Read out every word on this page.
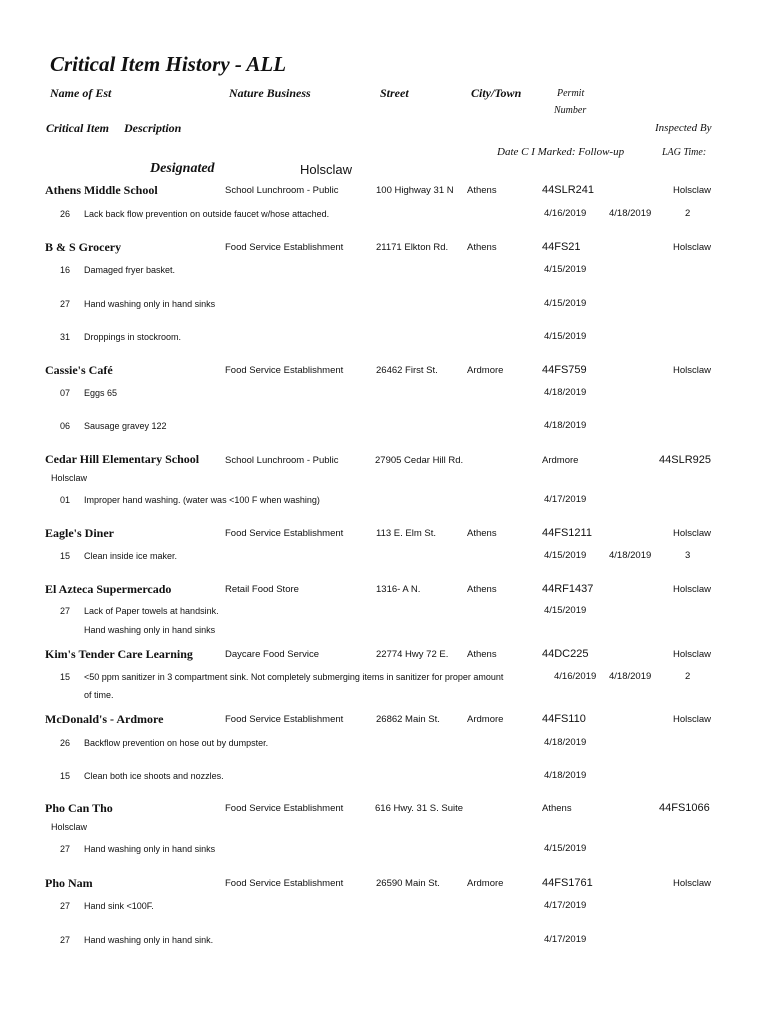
Critical Item History - ALL
Name of Est	Nature Business	Street	City/Town	Permit
Number
Critical Item Description	Inspected By
Date C I Marked: Follow-up	LAG Time:
Designated	Holsclaw
Athens Middle School	School Lunchroom - Public	100 Highway 31 N Athens	44SLR241	Holsclaw
26 Lack back flow prevention on outside faucet w/hose attached.	4/16/2019 4/18/2019	2
B & S Grocery	Food Service Establishment	21171 Elkton Rd. Athens	44FS21	Holsclaw
16 Damaged fryer basket.	4/15/2019
27 Hand washing only in hand sinks	4/15/2019
31 Droppings in stockroom.	4/15/2019
Cassie's Café	Food Service Establishment	26462 First St.	Ardmore	44FS759	Holsclaw
07 Eggs 65	4/18/2019
06 Sausage gravey 122	4/18/2019
Cedar Hill Elementary School	School Lunchroom - Public	27905 Cedar Hill Rd.	Ardmore	44SLR925
Holsclaw
01 Improper hand washing. (water was <100 F when washing)	4/17/2019
Eagle's Diner	Food Service Establishment	113 E. Elm St.	Athens	44FS1211	Holsclaw
15 Clean inside ice maker.	4/15/2019 4/18/2019	3
El Azteca Supermercado	Retail Food Store	1316- A N.	Athens	44RF1437	Holsclaw
27 Lack of Paper towels at handsink.
Hand washing only in hand sinks
4/15/2019
Kim's Tender Care Learning	Daycare Food Service	22774 Hwy 72 E. Athens	44DC225	Holsclaw
15 <50 ppm sanitizer in 3 compartment sink. Not completely submerging items in sanitizer for proper amount
of time.
4/16/2019 4/18/2019	2
McDonald's - Ardmore	Food Service Establishment	26862 Main St.	Ardmore	44FS110	Holsclaw
26 Backflow prevention on hose out by dumpster.	4/18/2019
15 Clean both ice shoots and nozzles.	4/18/2019
Pho Can Tho	Food Service Establishment	616 Hwy. 31 S. Suite	Athens	44FS1066
Holsclaw
27 Hand washing only in hand sinks	4/15/2019
Pho Nam	Food Service Establishment	26590 Main St.	Ardmore	44FS1761	Holsclaw
27 Hand sink <100F.	4/17/2019
27 Hand washing only in hand sink.	4/17/2019
